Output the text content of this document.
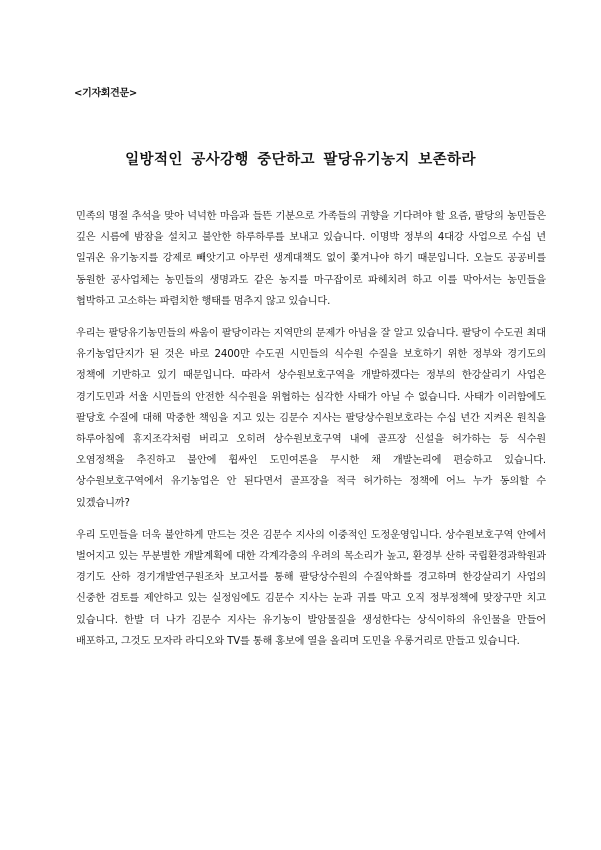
<기자회견문>
일방적인 공사강행 중단하고 팔당유기농지 보존하라

민족의 명절 추석을 맞아 넉넉한 마음과 들뜬 기분으로 가족들의 귀향을 기다려야 할 요즘, 팔당의 농민들은 깊은 시름에 밤잠을 설치고 불안한 하루하루를 보내고 있습니다. 이명박 정부의 4대강 사업으로 수십 년 일궈온 유기농지를 강제로 빼앗기고 아무런 생계대책도 없이 쫓겨나야 하기 때문입니다. 오늘도 공공비를 동원한 공사업체는 농민들의 생명과도 같은 농지를 마구잡이로 파헤치려 하고 이를 막아서는 농민들을 협박하고 고소하는 파렴치한 행태를 멈추지 않고 있습니다.

우리는 팔당유기농민들의 싸움이 팔당이라는 지역만의 문제가 아님을 잘 알고 있습니다. 팔당이 수도권 최대 유기농업단지가 된 것은 바로 2400만 수도권 시민들의 식수원 수질을 보호하기 위한 정부와 경기도의 정책에 기반하고 있기 때문입니다. 따라서 상수원보호구역을 개발하겠다는 정부의 한강살리기 사업은 경기도민과 서울 시민들의 안전한 식수원을 위협하는 심각한 사태가 아닐 수 없습니다. 사태가 이러함에도 팔당호 수질에 대해 막중한 책임을 지고 있는 김문수 지사는 팔당상수원보호라는 수십 년간 지켜온 원칙을 하루아침에 휴지조각처럼 버리고 오히려 상수원보호구역 내에 골프장 신설을 허가하는 등 식수원 오염정책을 추진하고 불안에 휩싸인 도민여론을 무시한 채 개발논리에 편승하고 있습니다. 상수원보호구역에서 유기농업은 안 된다면서 골프장을 적극 허가하는 정책에 어느 누가 동의할 수 있겠습니까?

우리 도민들을 더욱 불안하게 만드는 것은 김문수 지사의 이중적인 도정운영입니다. 상수원보호구역 안에서 벌어지고 있는 무분별한 개발계획에 대한 각계각층의 우려의 목소리가 높고, 환경부 산하 국립환경과학원과 경기도 산하 경기개발연구원조차 보고서를 통해 팔당상수원의 수질악화를 경고하며 한강살리기 사업의 신중한 검토를 제안하고 있는 실정임에도 김문수 지사는 눈과 귀를 막고 오직 정부정책에 맞장구만 치고 있습니다. 한발 더 나가 김문수 지사는 유기농이 발암물질을 생성한다는 상식이하의 유인물을 만들어 배포하고, 그것도 모자라 라디오와 TV를 통해 홍보에 열을 올리며 도민을 우롱거리로 만들고 있습니다.
